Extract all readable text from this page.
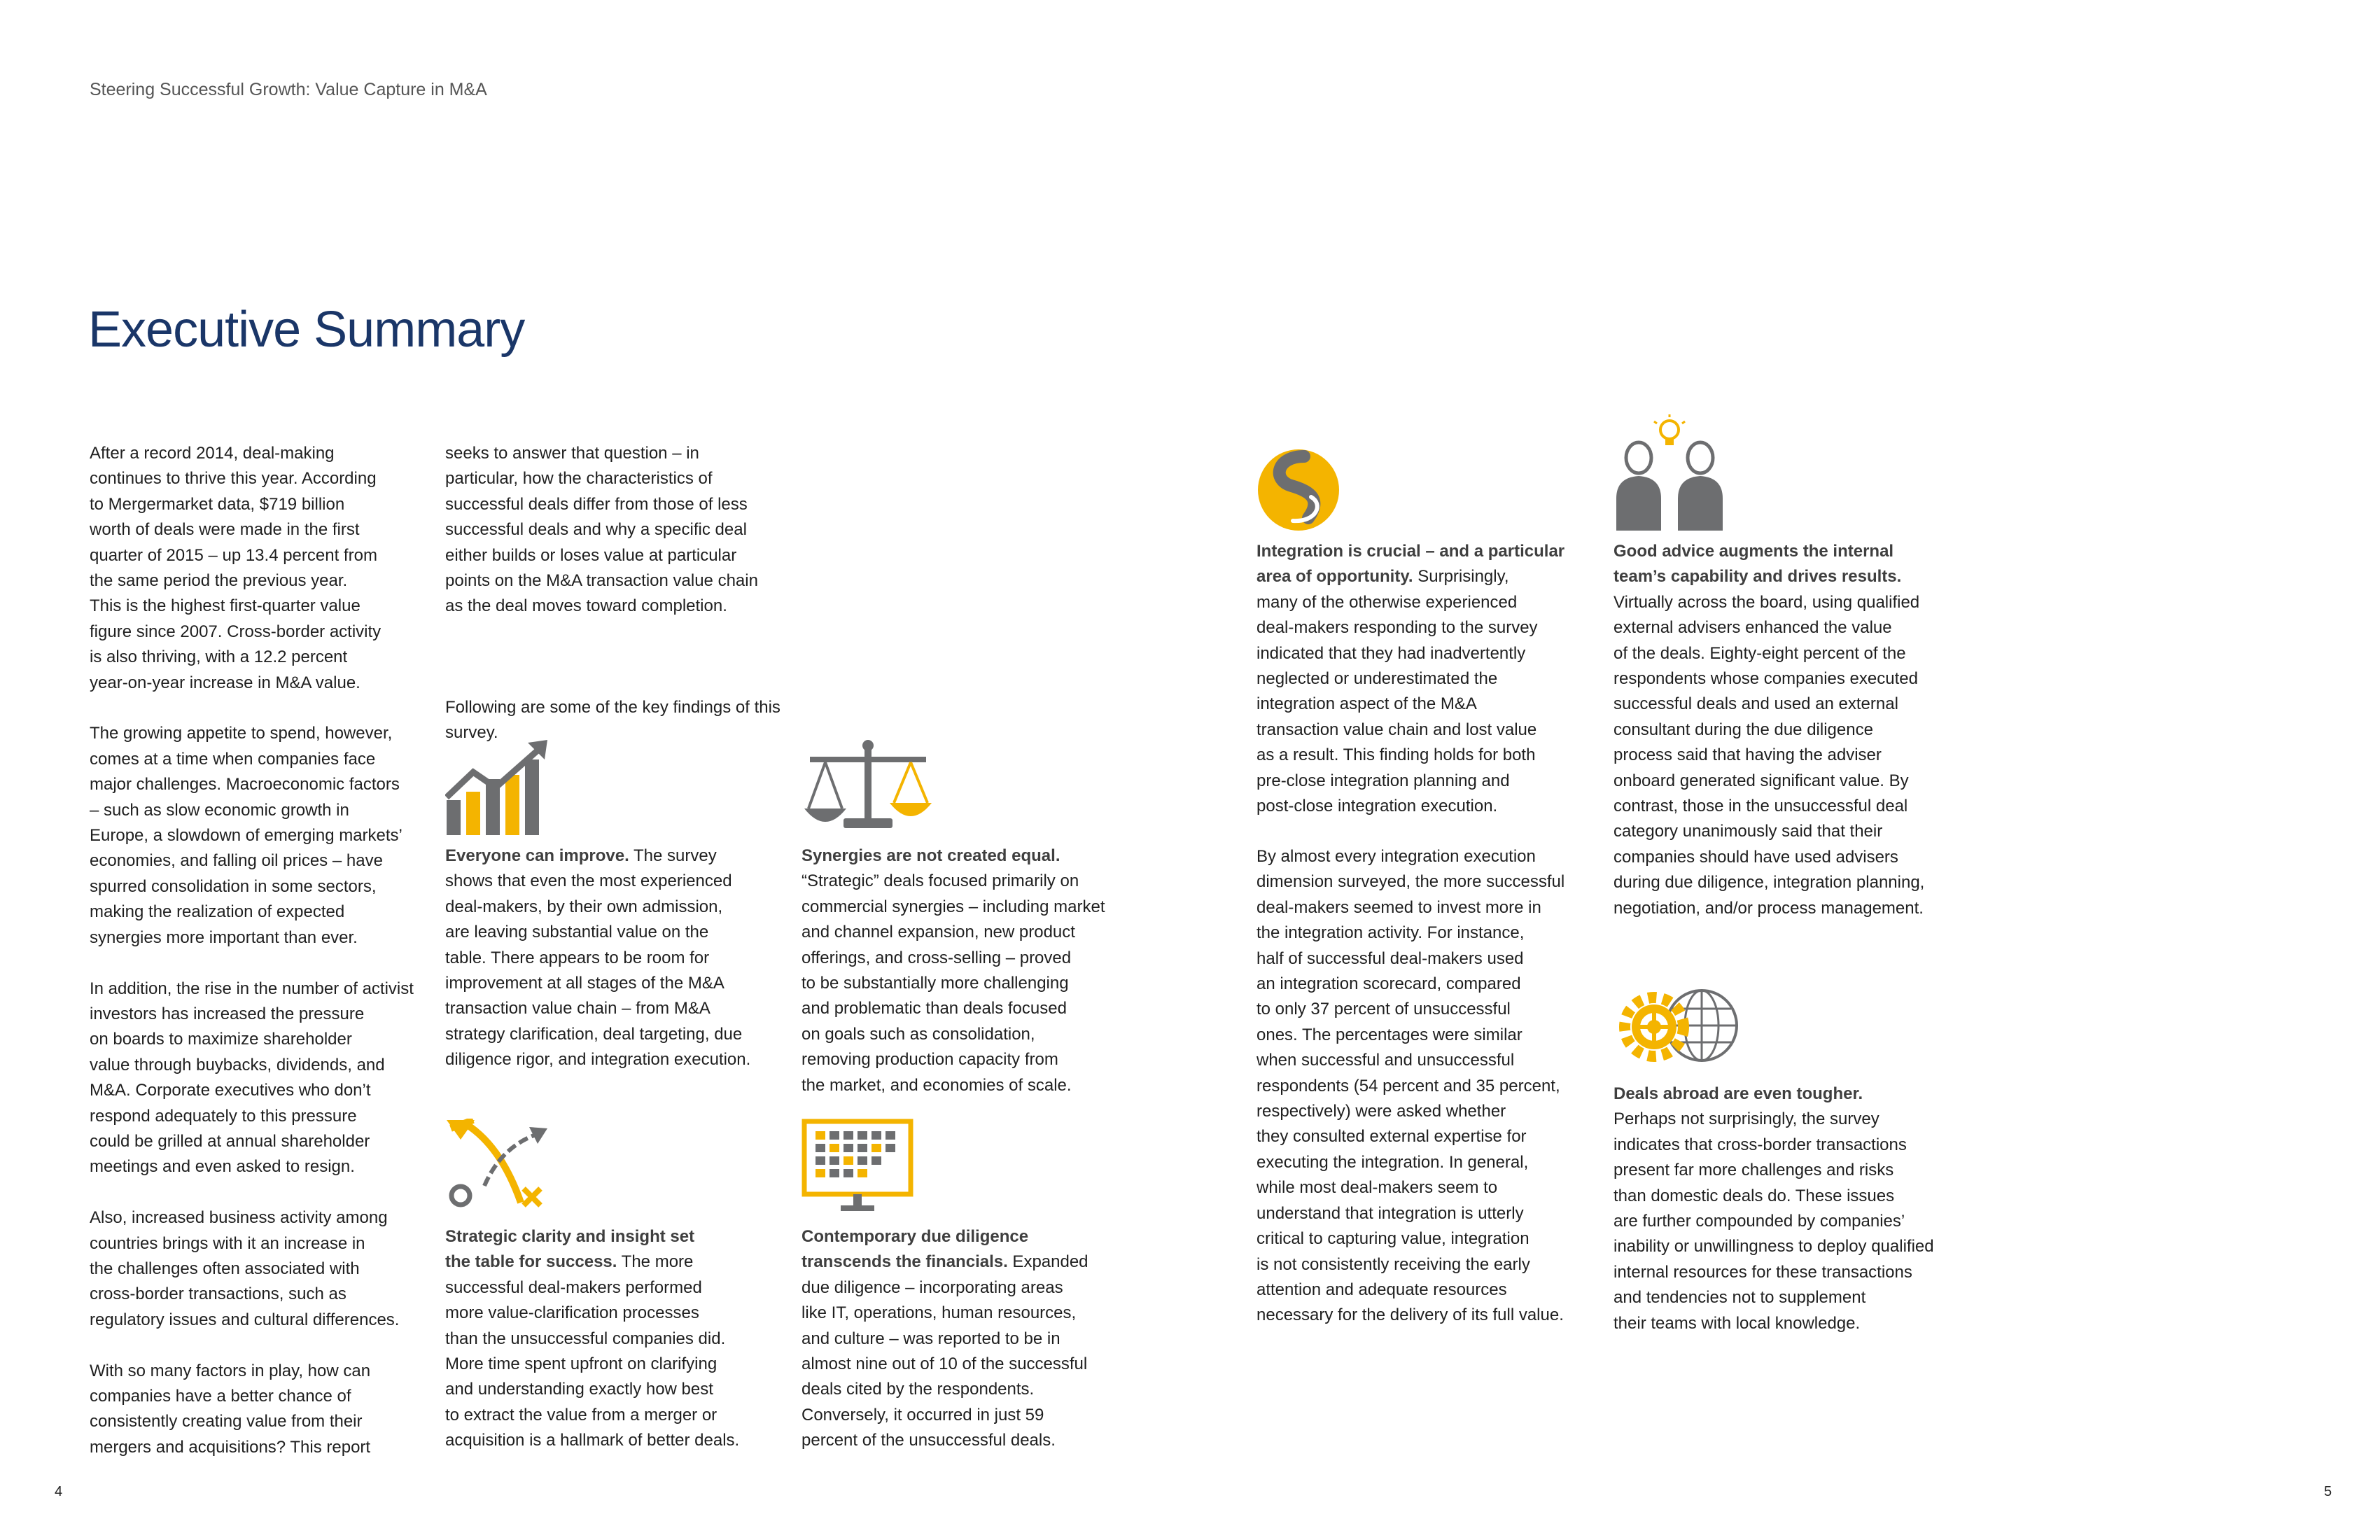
Steering Successful Growth: Value Capture in M&A
Executive Summary

After a record 2014, deal-making
continues to thrive this year. According
to Mergermarket data, $719 billion
worth of deals were made in the first
quarter of 2015 – up 13.4 percent from
the same period the previous year.
This is the highest first-quarter value
figure since 2007. Cross-border activity
is also thriving, with a 12.2 percent
year-on-year increase in M&A value.

The growing appetite to spend, however,
comes at a time when companies face
major challenges. Macroeconomic factors
– such as slow economic growth in
Europe, a slowdown of emerging markets’
economies, and falling oil prices – have
spurred consolidation in some sectors,
making the realization of expected
synergies more important than ever.

In addition, the rise in the number of activist
investors has increased the pressure
on boards to maximize shareholder
value through buybacks, dividends, and
M&A. Corporate executives who don’t
respond adequately to this pressure
could be grilled at annual shareholder
meetings and even asked to resign.

Also, increased business activity among
countries brings with it an increase in
the challenges often associated with
cross-border transactions, such as
regulatory issues and cultural differences.

With so many factors in play, how can
companies have a better chance of
consistently creating value from their
mergers and acquisitions? This report

seeks to answer that question – in
particular, how the characteristics of
successful deals differ from those of less
successful deals and why a specific deal
either builds or loses value at particular
points on the M&A transaction value chain
as the deal moves toward completion.

Following are some of the key findings of this survey.

Everyone can improve. The survey
shows that even the most experienced
deal-makers, by their own admission,
are leaving substantial value on the
table. There appears to be room for
improvement at all stages of the M&A
transaction value chain – from M&A
strategy clarification, deal targeting, due
diligence rigor, and integration execution.
Synergies are not created equal.
“Strategic” deals focused primarily on
commercial synergies – including market
and channel expansion, new product
offerings, and cross-selling – proved
to be substantially more challenging
and problematic than deals focused
on goals such as consolidation,
removing production capacity from
the market, and economies of scale.
Strategic clarity and insight set
the table for success. The more
successful deal-makers performed
more value-clarification processes
than the unsuccessful companies did.
More time spent upfront on clarifying
and understanding exactly how best
to extract the value from a merger or
acquisition is a hallmark of better deals.
Contemporary due diligence
transcends the financials. Expanded
due diligence – incorporating areas
like IT, operations, human resources,
and culture – was reported to be in
almost nine out of 10 of the successful
deals cited by the respondents.
Conversely, it occurred in just 59
percent of the unsuccessful deals.
Integration is crucial – and a particular
area of opportunity. Surprisingly,
many of the otherwise experienced
deal-makers responding to the survey
indicated that they had inadvertently
neglected or underestimated the
integration aspect of the M&A
transaction value chain and lost value
as a result. This finding holds for both
pre-close integration planning and
post-close integration execution.
By almost every integration execution
dimension surveyed, the more successful
deal-makers seemed to invest more in
the integration activity. For instance,
half of successful deal-makers used
an integration scorecard, compared
to only 37 percent of unsuccessful
ones. The percentages were similar
when successful and unsuccessful
respondents (54 percent and 35 percent,
respectively) were asked whether
they consulted external expertise for
executing the integration. In general,
while most deal-makers seem to
understand that integration is utterly
critical to capturing value, integration
is not consistently receiving the early
attention and adequate resources
necessary for the delivery of its full value.
Good advice augments the internal
team’s capability and drives results.
Virtually across the board, using qualified
external advisers enhanced the value
of the deals. Eighty-eight percent of the
respondents whose companies executed
successful deals and used an external
consultant during the due diligence
process said that having the adviser
onboard generated significant value. By
contrast, those in the unsuccessful deal
category unanimously said that their
companies should have used advisers
during due diligence, integration planning,
negotiation, and/or process management.
Deals abroad are even tougher.
Perhaps not surprisingly, the survey
indicates that cross-border transactions
present far more challenges and risks
than domestic deals do. These issues
are further compounded by companies’
inability or unwillingness to deploy qualified
internal resources for these transactions
and tendencies not to supplement
their teams with local knowledge.
4	5
